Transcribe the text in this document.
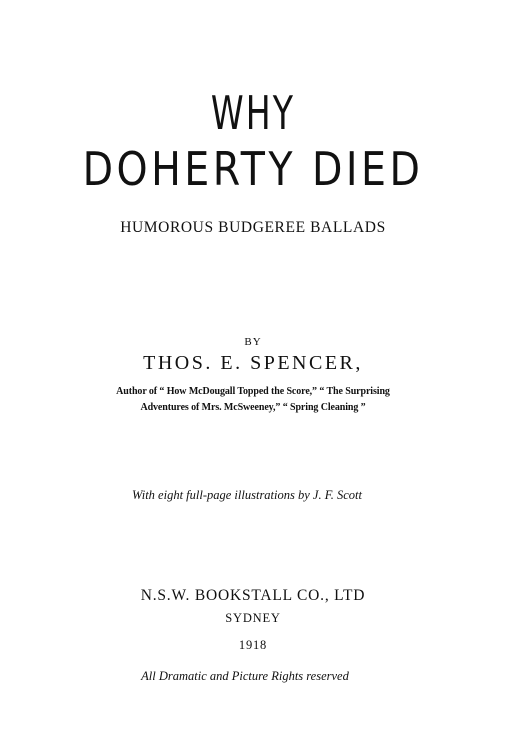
WHY
DOHERTY DIED
HUMOROUS BUDGEREE BALLADS
BY
THOS. E. SPENCER,
Author of “ How McDougall Topped the Score,” “ The Surprising
Adventures of Mrs. McSweeney,” “ Spring Cleaning ”
With eight full-page illustrations by J. F. Scott
N.S.W. BOOKSTALL CO., LTD
SYDNEY
1918
All Dramatic and Picture Rights reserved
